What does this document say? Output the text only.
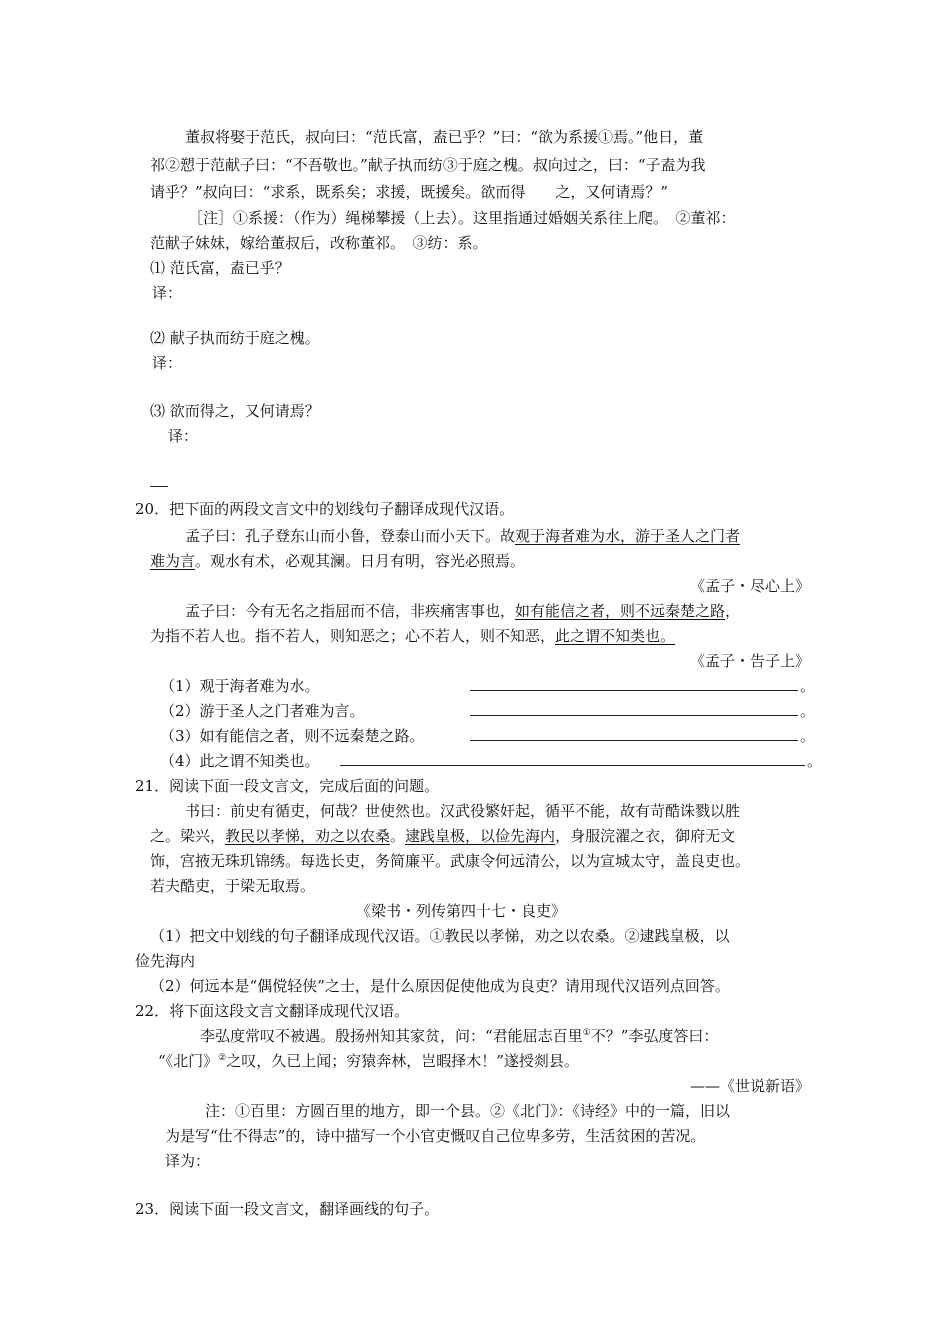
董叔将娶于范氏，叔向曰：“范氏富，盍已乎？”曰：“欲为系援①焉。”他日，董
祁②愬于范献子曰：“不吾敬也。”献子执而纺③于庭之槐。叔向过之，曰：“子盍为我
请乎？”叔向曰：“求系，既系矣；求援，既援矣。欲而得　　之，又何请焉？”
［注］①系援：（作为）绳梯攀援（上去）。这里指通过婚姻关系往上爬。　②董祁：
范献子妹妹，嫁给董叔后，改称董祁。　③纺：系。
⑴ 范氏富，盍已乎？
译：
⑵ 献子执而纺于庭之槐。
译：
⑶ 欲而得之，又何请焉？
译：
20．把下面的两段文言文中的划线句子翻译成现代汉语。
孟子曰：孔子登东山而小鲁，登泰山而小天下。故观于海者难为水，游于圣人之门者
难为言。观水有术，必观其澜。日月有明，容光必照焉。
《孟子・尽心上》
孟子曰：今有无名之指屈而不信，非疾痛害事也，如有能信之者，则不远秦楚之路，
为指不若人也。指不若人，则知恶之；心不若人，则不知恶，此之谓不知类也。
《孟子・告子上》
（1）观于海者难为水。	。
（2）游于圣人之门者难为言。	。
（3）如有能信之者，则不远秦楚之路。	。
（4）此之谓不知类也。	。
21．阅读下面一段文言文，完成后面的问题。
书曰：前史有循吏，何哉？世使然也。汉武役繁奸起，循平不能，故有苛酷诛戮以胜
之。梁兴，教民以孝悌，劝之以农桑。逮践皇极，以俭先海内，身服浣濯之衣，御府无文
饰，宫掖无珠玑锦绣。每选长吏，务简廉平。武康令何远清公，以为宣城太守，盖良吏也。
若夫酷吏，于梁无取焉。
《梁书・列传第四十七・良吏》
（1）把文中划线的句子翻译成现代汉语。①教民以孝悌，劝之以农桑。②逮践皇极，以
俭先海内
（2）何远本是“偶傥轻侠”之士，是什么原因促使他成为良吏？请用现代汉语列点回答。
22．将下面这段文言文翻译成现代汉语。
李弘度常叹不被遇。殷扬州知其家贫，问：“君能屈志百里①不？”李弘度答曰：
“《北门》②之叹，久已上闻；穷猿奔林，岂暇择木！”遂授剡县。
——《世说新语》
注：①百里：方圆百里的地方，即一个县。②《北门》：《诗经》中的一篇，旧以
为是写“仕不得志”的，诗中描写一个小官吏慨叹自己位卑多劳，生活贫困的苦况。
译为：
23．阅读下面一段文言文，翻译画线的句子。
